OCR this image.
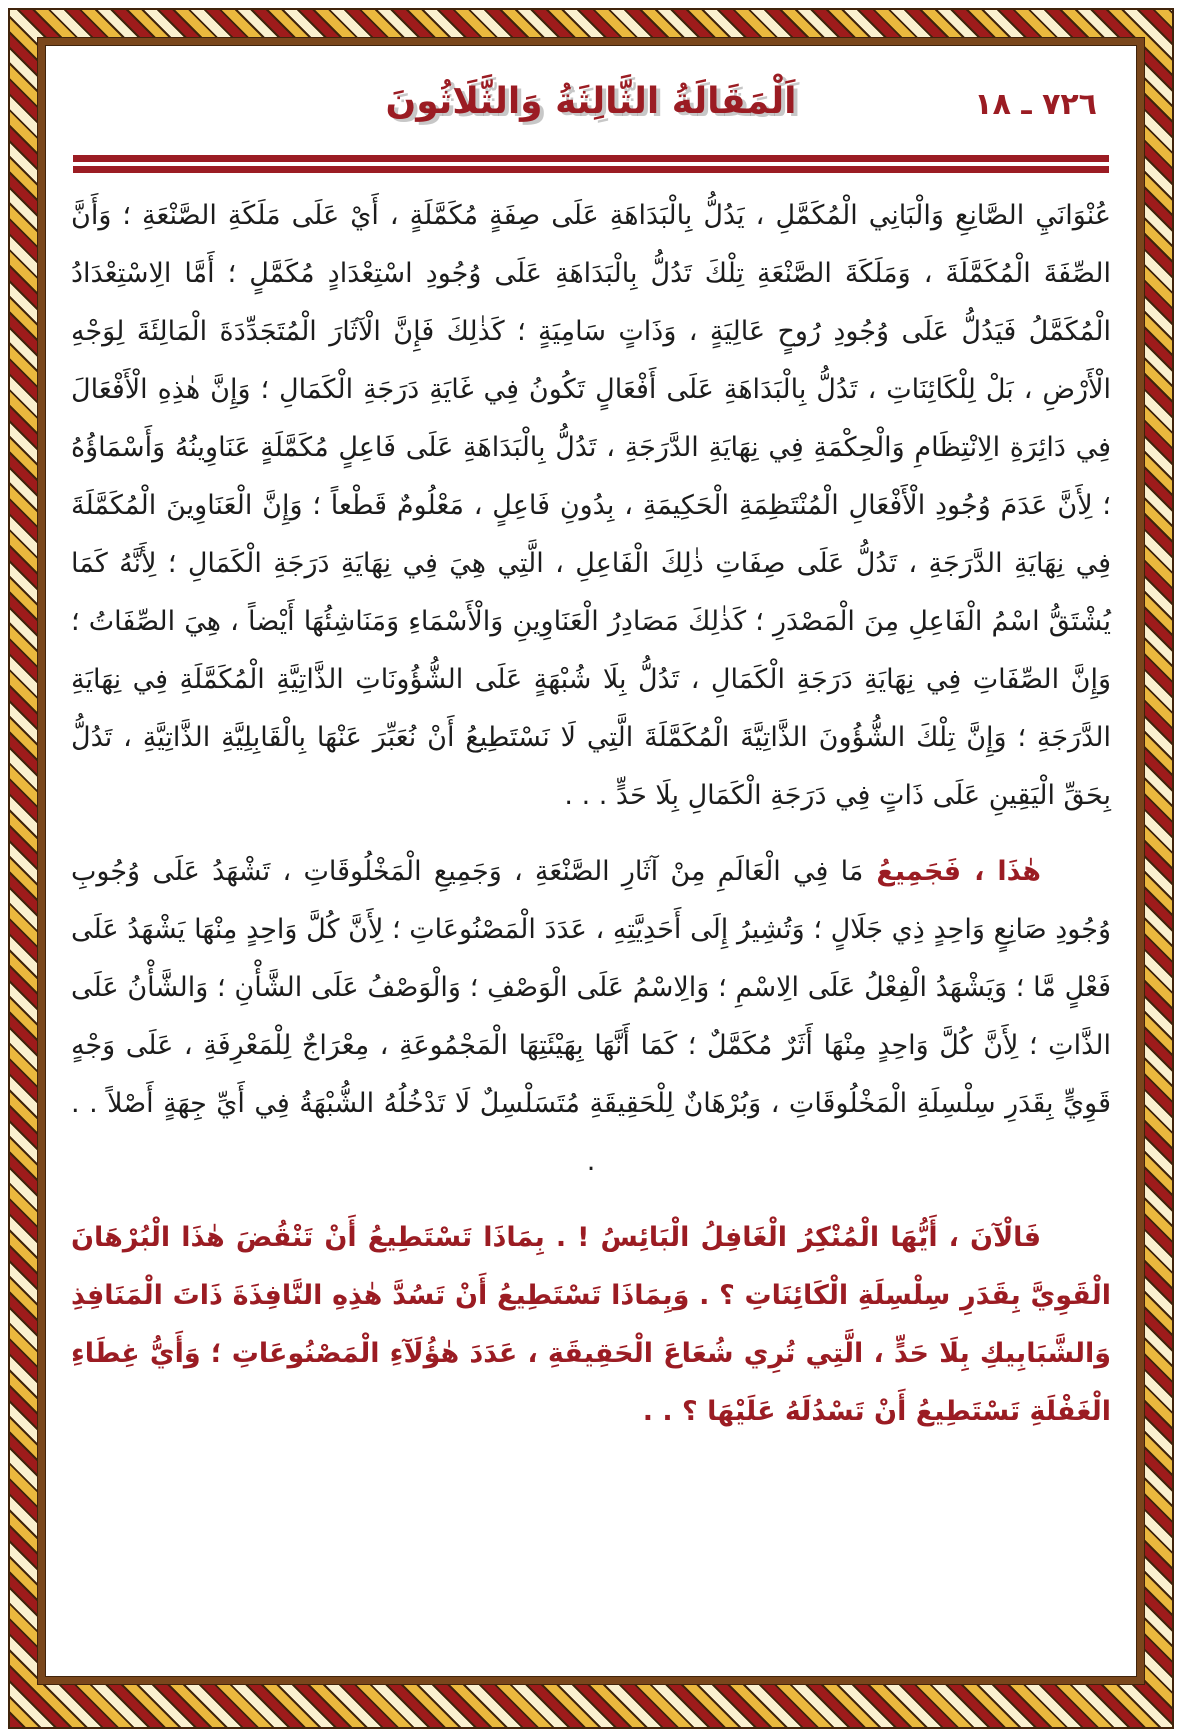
٧٢٦ ـ ١٨
اَلْمَقَالَةُ الثَّالِثَةُ وَالثَّلَاثُونَ

عُنْوَانَيِ الصَّانِعِ وَالْبَانِي الْمُكَمَّلِ ، يَدُلُّ بِالْبَدَاهَةِ عَلَى صِفَةٍ مُكَمَّلَةٍ ، أَيْ عَلَى مَلَكَةِ الصَّنْعَةِ ؛ وَأَنَّ الصِّفَةَ الْمُكَمَّلَةَ ، وَمَلَكَةَ الصَّنْعَةِ تِلْكَ تَدُلُّ بِالْبَدَاهَةِ عَلَى وُجُودِ اسْتِعْدَادٍ مُكَمَّلٍ ؛ أَمَّا الِاسْتِعْدَادُ الْمُكَمَّلُ فَيَدُلُّ عَلَى وُجُودِ رُوحٍ عَالِيَةٍ ، وَذَاتٍ سَامِيَةٍ ؛ كَذٰلِكَ فَإِنَّ الْآثَارَ الْمُتَجَدِّدَةَ الْمَالِئَةَ لِوَجْهِ الْأَرْضِ ، بَلْ لِلْكَائِنَاتِ ، تَدُلُّ بِالْبَدَاهَةِ عَلَى أَفْعَالٍ تَكُونُ فِي غَايَةِ دَرَجَةِ الْكَمَالِ ؛ وَإِنَّ هٰذِهِ الْأَفْعَالَ فِي دَائِرَةِ الِانْتِظَامِ وَالْحِكْمَةِ فِي نِهَايَةِ الدَّرَجَةِ ، تَدُلُّ بِالْبَدَاهَةِ عَلَى فَاعِلٍ مُكَمَّلَةٍ عَنَاوِينُهُ وَأَسْمَاؤُهُ ؛ لِأَنَّ عَدَمَ وُجُودِ الْأَفْعَالِ الْمُنْتَظِمَةِ الْحَكِيمَةِ ، بِدُونِ فَاعِلٍ ، مَعْلُومٌ قَطْعاً ؛ وَإِنَّ الْعَنَاوِينَ الْمُكَمَّلَةَ فِي نِهَايَةِ الدَّرَجَةِ ، تَدُلُّ عَلَى صِفَاتِ ذٰلِكَ الْفَاعِلِ ، الَّتِي هِيَ فِي نِهَايَةِ دَرَجَةِ الْكَمَالِ ؛ لِأَنَّهُ كَمَا يُشْتَقُّ اسْمُ الْفَاعِلِ مِنَ الْمَصْدَرِ ؛ كَذٰلِكَ مَصَادِرُ الْعَنَاوِينِ وَالْأَسْمَاءِ وَمَنَاشِئُهَا أَيْضاً ، هِيَ الصِّفَاتُ ؛ وَإِنَّ الصِّفَاتِ فِي نِهَايَةِ دَرَجَةِ الْكَمَالِ ، تَدُلُّ بِلَا شُبْهَةٍ عَلَى الشُّؤُونَاتِ الذَّاتِيَّةِ الْمُكَمَّلَةِ فِي نِهَايَةِ الدَّرَجَةِ ؛ وَإِنَّ تِلْكَ الشُّؤُونَ الذَّاتِيَّةَ الْمُكَمَّلَةَ الَّتِي لَا نَسْتَطِيعُ أَنْ نُعَبِّرَ عَنْهَا بِالْقَابِلِيَّةِ الذَّاتِيَّةِ ، تَدُلُّ بِحَقِّ الْيَقِينِ عَلَى ذَاتٍ فِي دَرَجَةِ الْكَمَالِ بِلَا حَدٍّ . . .

هٰذَا ، فَجَمِيعُ مَا فِي الْعَالَمِ مِنْ آثَارِ الصَّنْعَةِ ، وَجَمِيعِ الْمَخْلُوقَاتِ ، تَشْهَدُ عَلَى وُجُوبِ وُجُودِ صَانِعٍ وَاحِدٍ ذِي جَلَالٍ ؛ وَتُشِيرُ إِلَى أَحَدِيَّتِهِ ، عَدَدَ الْمَصْنُوعَاتِ ؛ لِأَنَّ كُلَّ وَاحِدٍ مِنْهَا يَشْهَدُ عَلَى فَعْلٍ مَّا ؛ وَيَشْهَدُ الْفِعْلُ عَلَى الِاسْمِ ؛ وَالِاسْمُ عَلَى الْوَصْفِ ؛ وَالْوَصْفُ عَلَى الشَّأْنِ ؛ وَالشَّأْنُ عَلَى الذَّاتِ ؛ لِأَنَّ كُلَّ وَاحِدٍ مِنْهَا أَثَرٌ مُكَمَّلٌ ؛ كَمَا أَنَّهَا بِهَيْئَتِهَا الْمَجْمُوعَةِ ، مِعْرَاجٌ لِلْمَعْرِفَةِ ، عَلَى وَجْهٍ قَوِيٍّ بِقَدَرِ سِلْسِلَةِ الْمَخْلُوقَاتِ ، وَبُرْهَانٌ لِلْحَقِيقَةِ مُتَسَلْسِلٌ لَا تَدْخُلُهُ الشُّبْهَةُ فِي أَيِّ جِهَةٍ أَصْلاً . . .

فَالْآنَ ، أَيُّهَا الْمُنْكِرُ الْغَافِلُ الْبَائِسُ ! . بِمَاذَا تَسْتَطِيعُ أَنْ تَنْقُضَ هٰذَا الْبُرْهَانَ الْقَوِيَّ بِقَدَرِ سِلْسِلَةِ الْكَائِنَاتِ ؟ . وَبِمَاذَا تَسْتَطِيعُ أَنْ تَسُدَّ هٰذِهِ النَّافِذَةَ ذَاتَ الْمَنَافِذِ وَالشَّبَابِيكِ بِلَا حَدٍّ ، الَّتِي تُرِي شُعَاعَ الْحَقِيقَةِ ، عَدَدَ هٰؤُلَآءِ الْمَصْنُوعَاتِ ؛ وَأَيُّ غِطَاءِ الْغَفْلَةِ تَسْتَطِيعُ أَنْ تَسْدُلَهُ عَلَيْهَا ؟ . .
